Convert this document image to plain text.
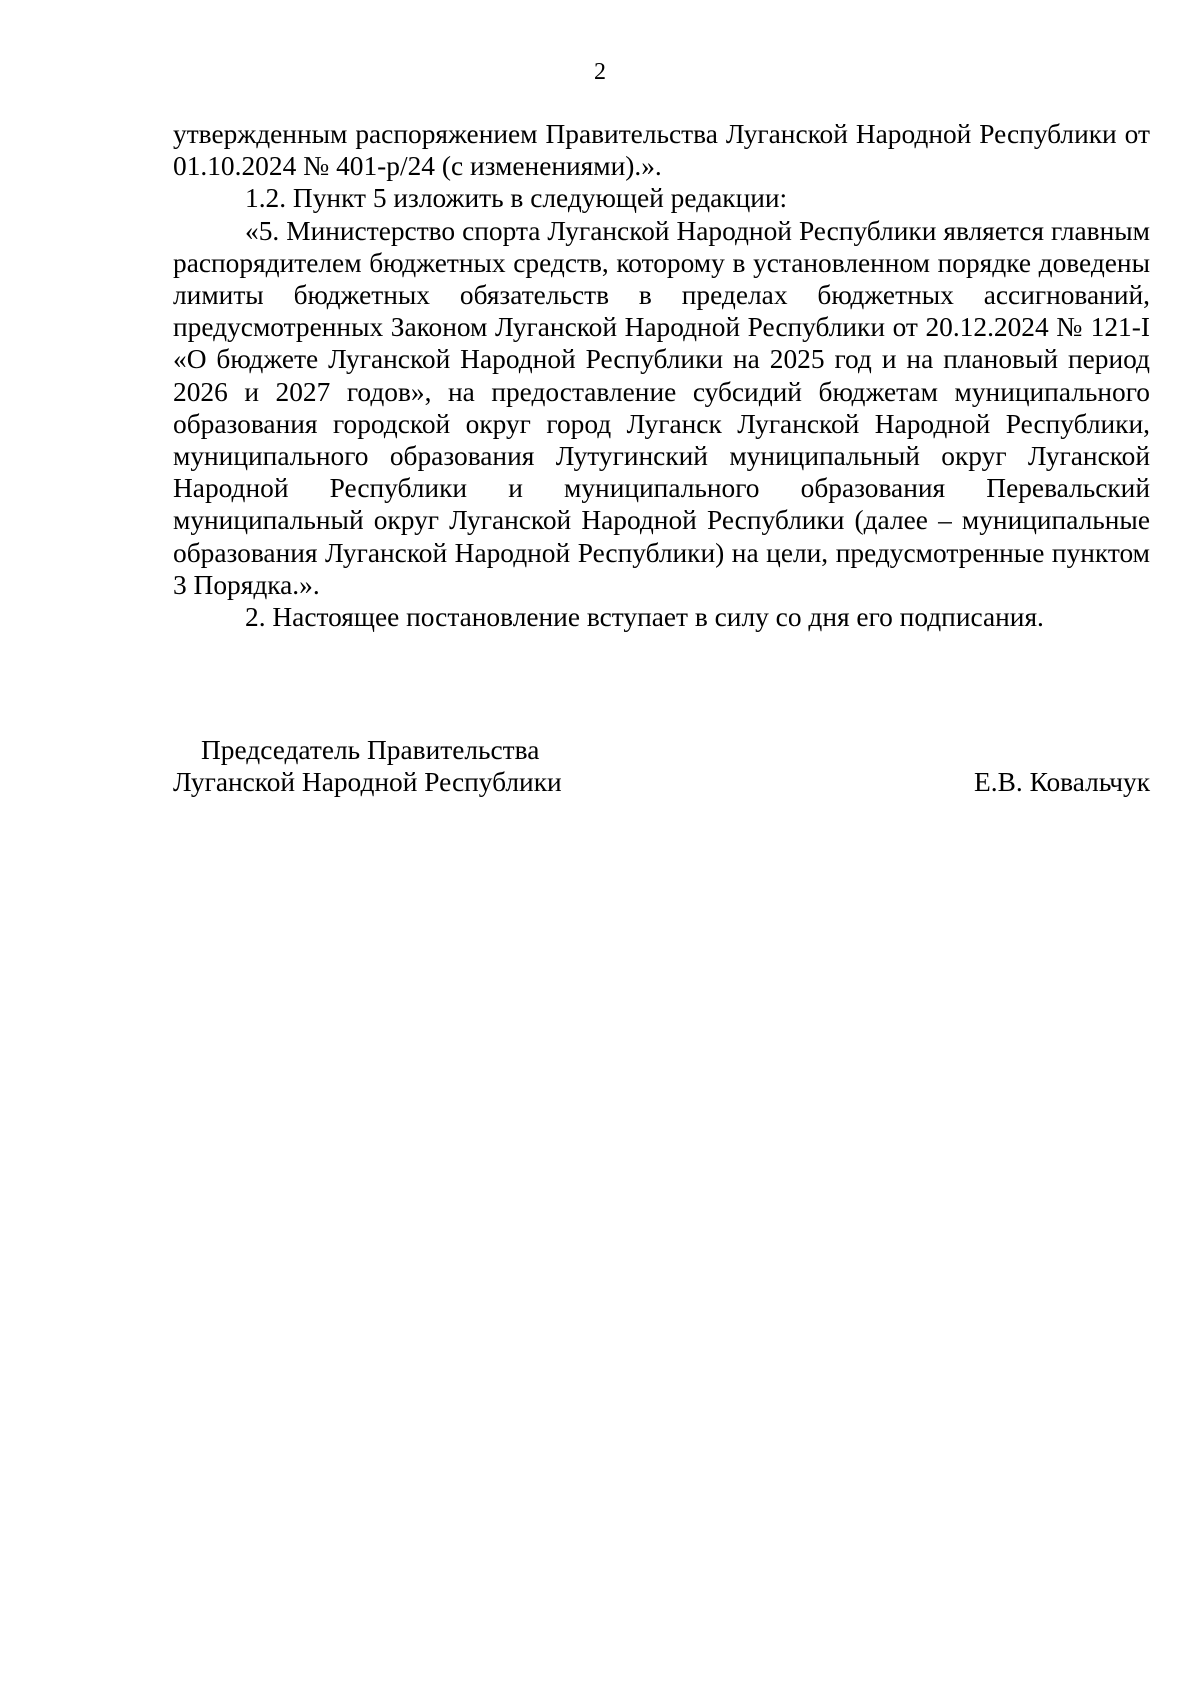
2

утвержденным распоряжением Правительства Луганской Народной Республики от 01.10.2024 № 401-р/24 (с изменениями).».

1.2. Пункт 5 изложить в следующей редакции:

«5. Министерство спорта Луганской Народной Республики является главным распорядителем бюджетных средств, которому в установленном порядке доведены лимиты бюджетных обязательств в пределах бюджетных ассигнований, предусмотренных Законом Луганской Народной Республики от 20.12.2024 № 121-I «О бюджете Луганской Народной Республики на 2025 год и на плановый период 2026 и 2027 годов», на предоставление субсидий бюджетам муниципального образования городской округ город Луганск Луганской Народной Республики, муниципального образования Лутугинский муниципальный округ Луганской Народной Республики и муниципального образования Перевальский муниципальный округ Луганской Народной Республики (далее – муниципальные образования Луганской Народной Республики) на цели, предусмотренные пунктом 3 Порядка.».

2. Настоящее постановление вступает в силу со дня его подписания.

Председатель Правительства
Луганской Народной Республики	Е.В. Ковальчук
